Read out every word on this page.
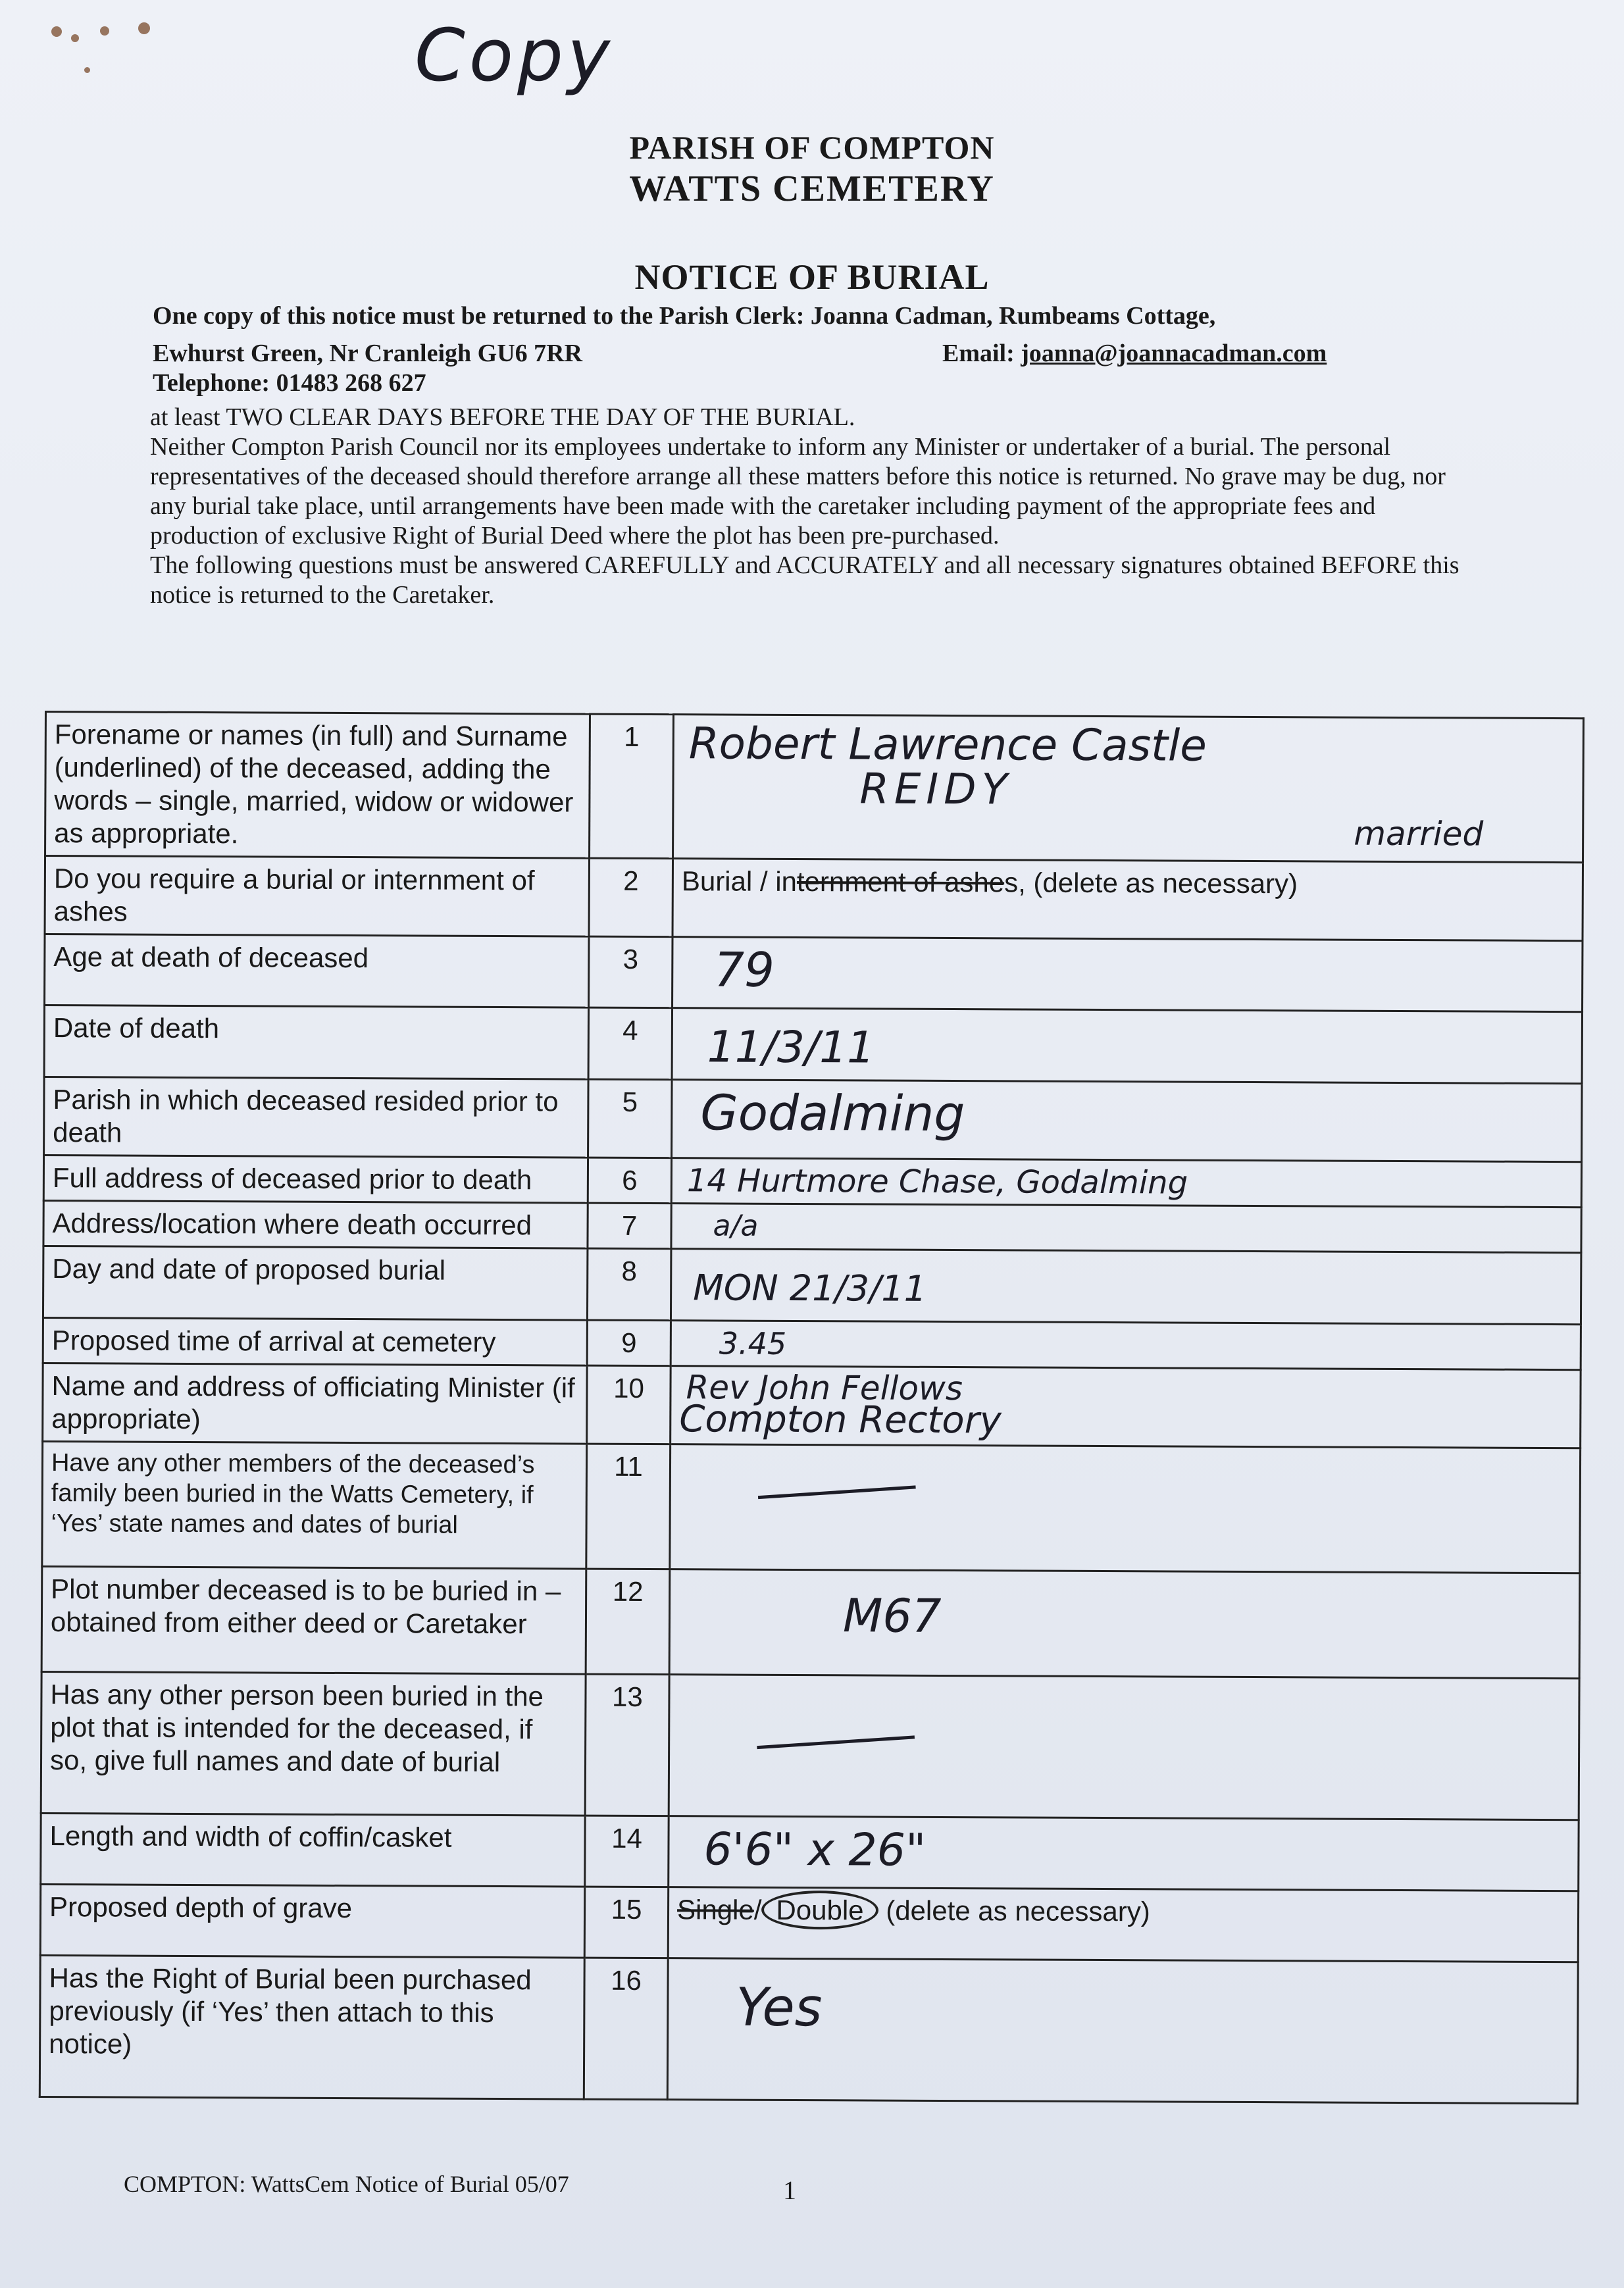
Copy
PARISH OF COMPTON
WATTS CEMETERY
NOTICE OF BURIAL
One copy of this notice must be returned to the Parish Clerk: Joanna Cadman, Rumbeams Cottage,
Ewhurst Green, Nr Cranleigh GU6 7RR	Email: joanna@joannacadman.com
Telephone: 01483 268 627

at least TWO CLEAR DAYS BEFORE THE DAY OF THE BURIAL.

Neither Compton Parish Council nor its employees undertake to inform any Minister or undertaker of a burial. The personal representatives of the deceased should therefore arrange all these matters before this notice is returned. No grave may be dug, nor any burial take place, until arrangements have been made with the caretaker including payment of the appropriate fees and production of exclusive Right of Burial Deed where the plot has been pre-purchased.

The following questions must be answered CAREFULLY and ACCURATELY and all necessary signatures obtained BEFORE this notice is returned to the Caretaker.

Forename or names (in full) and Surname (underlined) of the deceased, adding the words – single, married, widow or widower as appropriate.	1	Robert Lawrence Castle
REIDY
married

Do you require a burial or internment of ashes	2	Burial / internment of ashes, (delete as necessary)
Age at death of deceased	3	79

Date of death	4	11/3/11

Parish in which deceased resided prior to death	5	Godalming

Full address of deceased prior to death	6	14 Hurtmore Chase, Godalming

Address/location where death occurred	7	a/a

Day and date of proposed burial	8	MON 21/3/11

Proposed time of arrival at cemetery	9	3.45

Name and address of officiating Minister (if appropriate)	10	Rev John Fellows
Compton Rectory

Have any other members of the deceased’s family been buried in the Watts Cemetery, if ‘Yes’ state names and dates of burial	11	
Plot number deceased is to be buried in – obtained from either deed or Caretaker	12	M67

Has any other person been buried in the plot that is intended for the deceased, if so, give full names and date of burial	13	
Length and width of coffin/casket	14	6'6" x 26"

Proposed depth of grave	15	Single/ Double (delete as necessary)
Has the Right of Burial been purchased previously (if ‘Yes’ then attach to this notice)	16	Yes
COMPTON: WattsCem Notice of Burial 05/07	1
